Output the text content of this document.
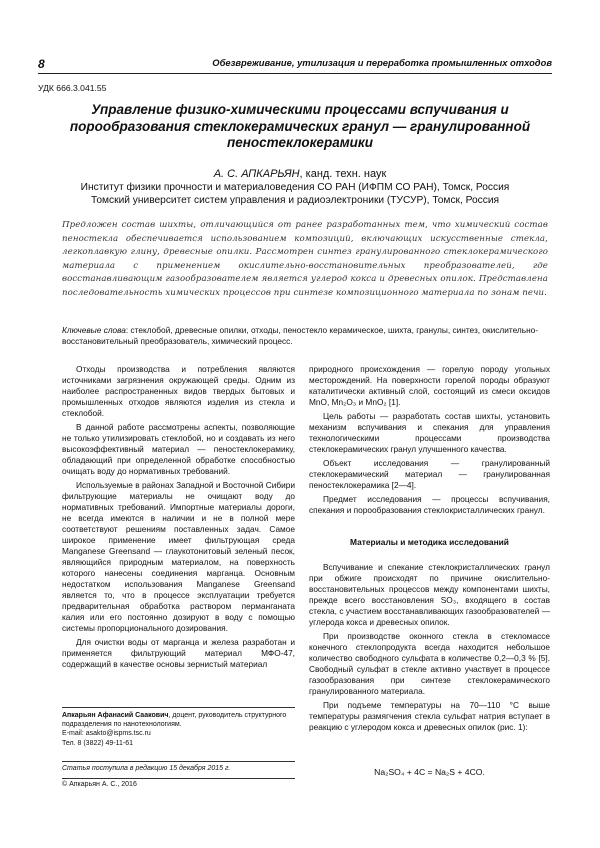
8	Обезвреживание, утилизация и переработка промышленных отходов
УДК 666.3.041.55
Управление физико-химическими процессами вспучивания и порообразования стеклокерамических гранул — гранулированной пеностеклокерамики
А. С. АПКАРЬЯН, канд. техн. наук
Институт физики прочности и материаловедения СО РАН (ИФПМ СО РАН), Томск, Россия
Томский университет систем управления и радиоэлектроники (ТУСУР), Томск, Россия
Предложен состав шихты, отличающийся от ранее разработанных тем, что химический состав пеностекла обеспечивается использованием композиций, включающих искусственные стекла, легкоплавкую глину, древесные опилки. Рассмотрен синтез гранулированного стеклокерамического материала с применением окислительно-восстановительных преобразователей, где восстанавливающим газообразователем является углерод кокса и древесных опилок. Представлена последовательность химических процессов при синтезе композиционного материала по зонам печи.
Ключевые слова: стеклобой, древесные опилки, отходы, пеностекло керамическое, шихта, гранулы, синтез, окислительно-восстановительный преобразователь, химический процесс.

Отходы производства и потребления являются источниками загрязнения окружающей среды. Одним из наиболее распространенных видов твердых бытовых и промышленных отходов являются изделия из стекла и стеклобой.

В данной работе рассмотрены аспекты, позволяющие не только утилизировать стеклобой, но и создавать из него высокоэффективный материал — пеностеклокерамику, обладающий при определенной обработке способностью очищать воду до нормативных требований.

Используемые в районах Западной и Восточной Сибири фильтрующие материалы не очищают воду до нормативных требований. Импортные материалы дороги, не всегда имеются в наличии и не в полной мере соответствуют решениям поставленных задач. Самое широкое применение имеет фильтрующая среда Manganese Greensand — глаукотонитовый зеленый песок, являющийся природным материалом, на поверхность которого нанесены соединения марганца. Основным недостатком использования Manganese Greensand является то, что в процессе эксплуатации требуется предварительная обработка раствором перманганата калия или его постоянно дозируют в воду с помощью системы пропорционального дозирования.

Для очистки воды от марганца и железа разработан и применяется фильтрующий материал МФО-47, содержащий в качестве основы зернистый материал

природного происхождения — горелую породу угольных месторождений. На поверхности горелой породы образуют каталитически активный слой, состоящий из смеси оксидов MnO, Mn₂O₃ и MnO₂ [1].

Цель работы — разработать состав шихты, установить механизм вспучивания и спекания для управления технологическими процессами производства стеклокерамических гранул улучшенного качества.

Объект исследования — гранулированный стеклокерамический материал — гранулированная пеностеклокерамика [2—4].

Предмет исследования — процессы вспучивания, спекания и порообразования стеклокристаллических гранул.

Материалы и методика исследований

Вспучивание и спекание стеклокристаллических гранул при обжиге происходят по причине окислительно-восстановительных процессов между компонентами шихты, прежде всего восстановления SO₃, входящего в состав стекла, с участием восстанавливающих газообразователей — углерода кокса и древесных опилок.

При производстве оконного стекла в стекломассе конечного стеклопродукта всегда находится небольшое количество свободного сульфата в количестве 0,2—0,3 % [5]. Свободный сульфат в стекле активно участвует в процессе газообразования при синтезе стеклокерамического гранулированного материала.

При подъеме температуры на 70—110 °С выше температуры размягчения стекла сульфат натрия вступает в реакцию с углеродом кокса и древесных опилок (рис. 1):

Na₂SO₄ + 4C = Na₂S + 4CO.
Апкарьян Афанасий Саакович, доцент, руководитель структурного подразделения по нанотехнологиям.
E-mail: asakto@ispms.tsc.ru
Тел. 8 (3822) 49-11-61
Статья поступила в редакцию 15 декабря 2015 г.
© Апкарьян А. С., 2016
